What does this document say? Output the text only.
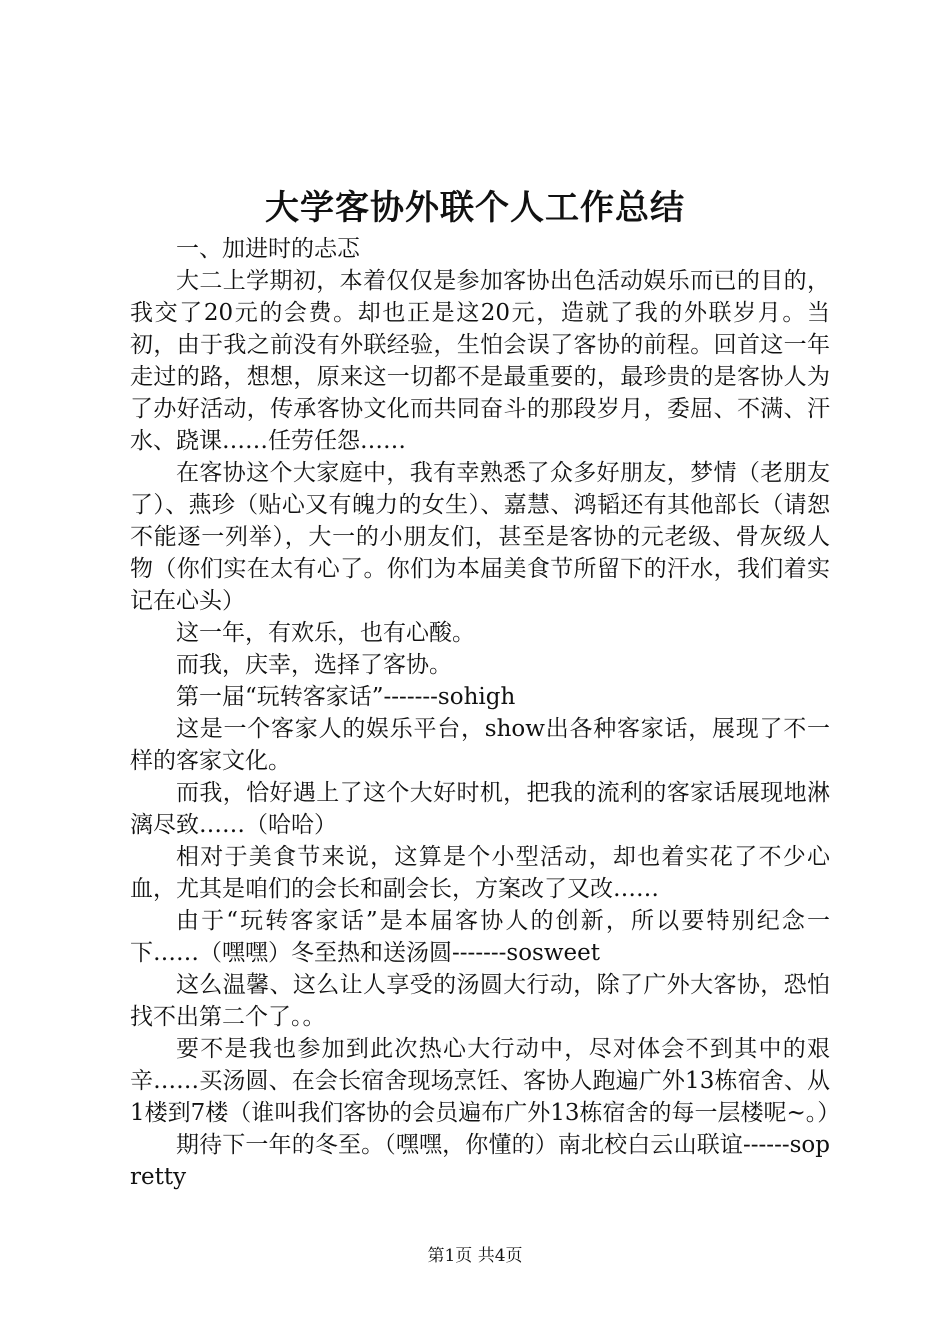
大学客协外联个人工作总结

一、加进时的忐忑

大二上学期初，本着仅仅是参加客协出色活动娱乐而已的目的，我交了20元的会费。却也正是这20元，造就了我的外联岁月。当初，由于我之前没有外联经验，生怕会误了客协的前程。回首这一年走过的路，想想，原来这一切都不是最重要的，最珍贵的是客协人为了办好活动，传承客协文化而共同奋斗的那段岁月，委屈、不满、汗水、跷课……任劳任怨……

在客协这个大家庭中，我有幸熟悉了众多好朋友，梦情（老朋友了）、燕珍（贴心又有魄力的女生）、嘉慧、鸿韬还有其他部长（请恕不能逐一列举），大一的小朋友们，甚至是客协的元老级、骨灰级人物（你们实在太有心了。你们为本届美食节所留下的汗水，我们着实记在心头）

这一年，有欢乐，也有心酸。

而我，庆幸，选择了客协。

第一届“玩转客家话”-------sohigh

这是一个客家人的娱乐平台，show出各种客家话，展现了不一样的客家文化。

而我，恰好遇上了这个大好时机，把我的流利的客家话展现地淋漓尽致……（哈哈）

相对于美食节来说，这算是个小型活动，却也着实花了不少心血，尤其是咱们的会长和副会长，方案改了又改……

由于“玩转客家话”是本届客协人的创新，所以要特别纪念一下……（嘿嘿）冬至热和送汤圆-------sosweet

这么温馨、这么让人享受的汤圆大行动，除了广外大客协，恐怕找不出第二个了。。

要不是我也参加到此次热心大行动中，尽对体会不到其中的艰辛……买汤圆、在会长宿舍现场烹饪、客协人跑遍广外13栋宿舍、从1楼到7楼（谁叫我们客协的会员遍布广外13栋宿舍的每一层楼呢~。）

期待下一年的冬至。（嘿嘿，你懂的）南北校白云山联谊------sopretty

第1页 共4页
